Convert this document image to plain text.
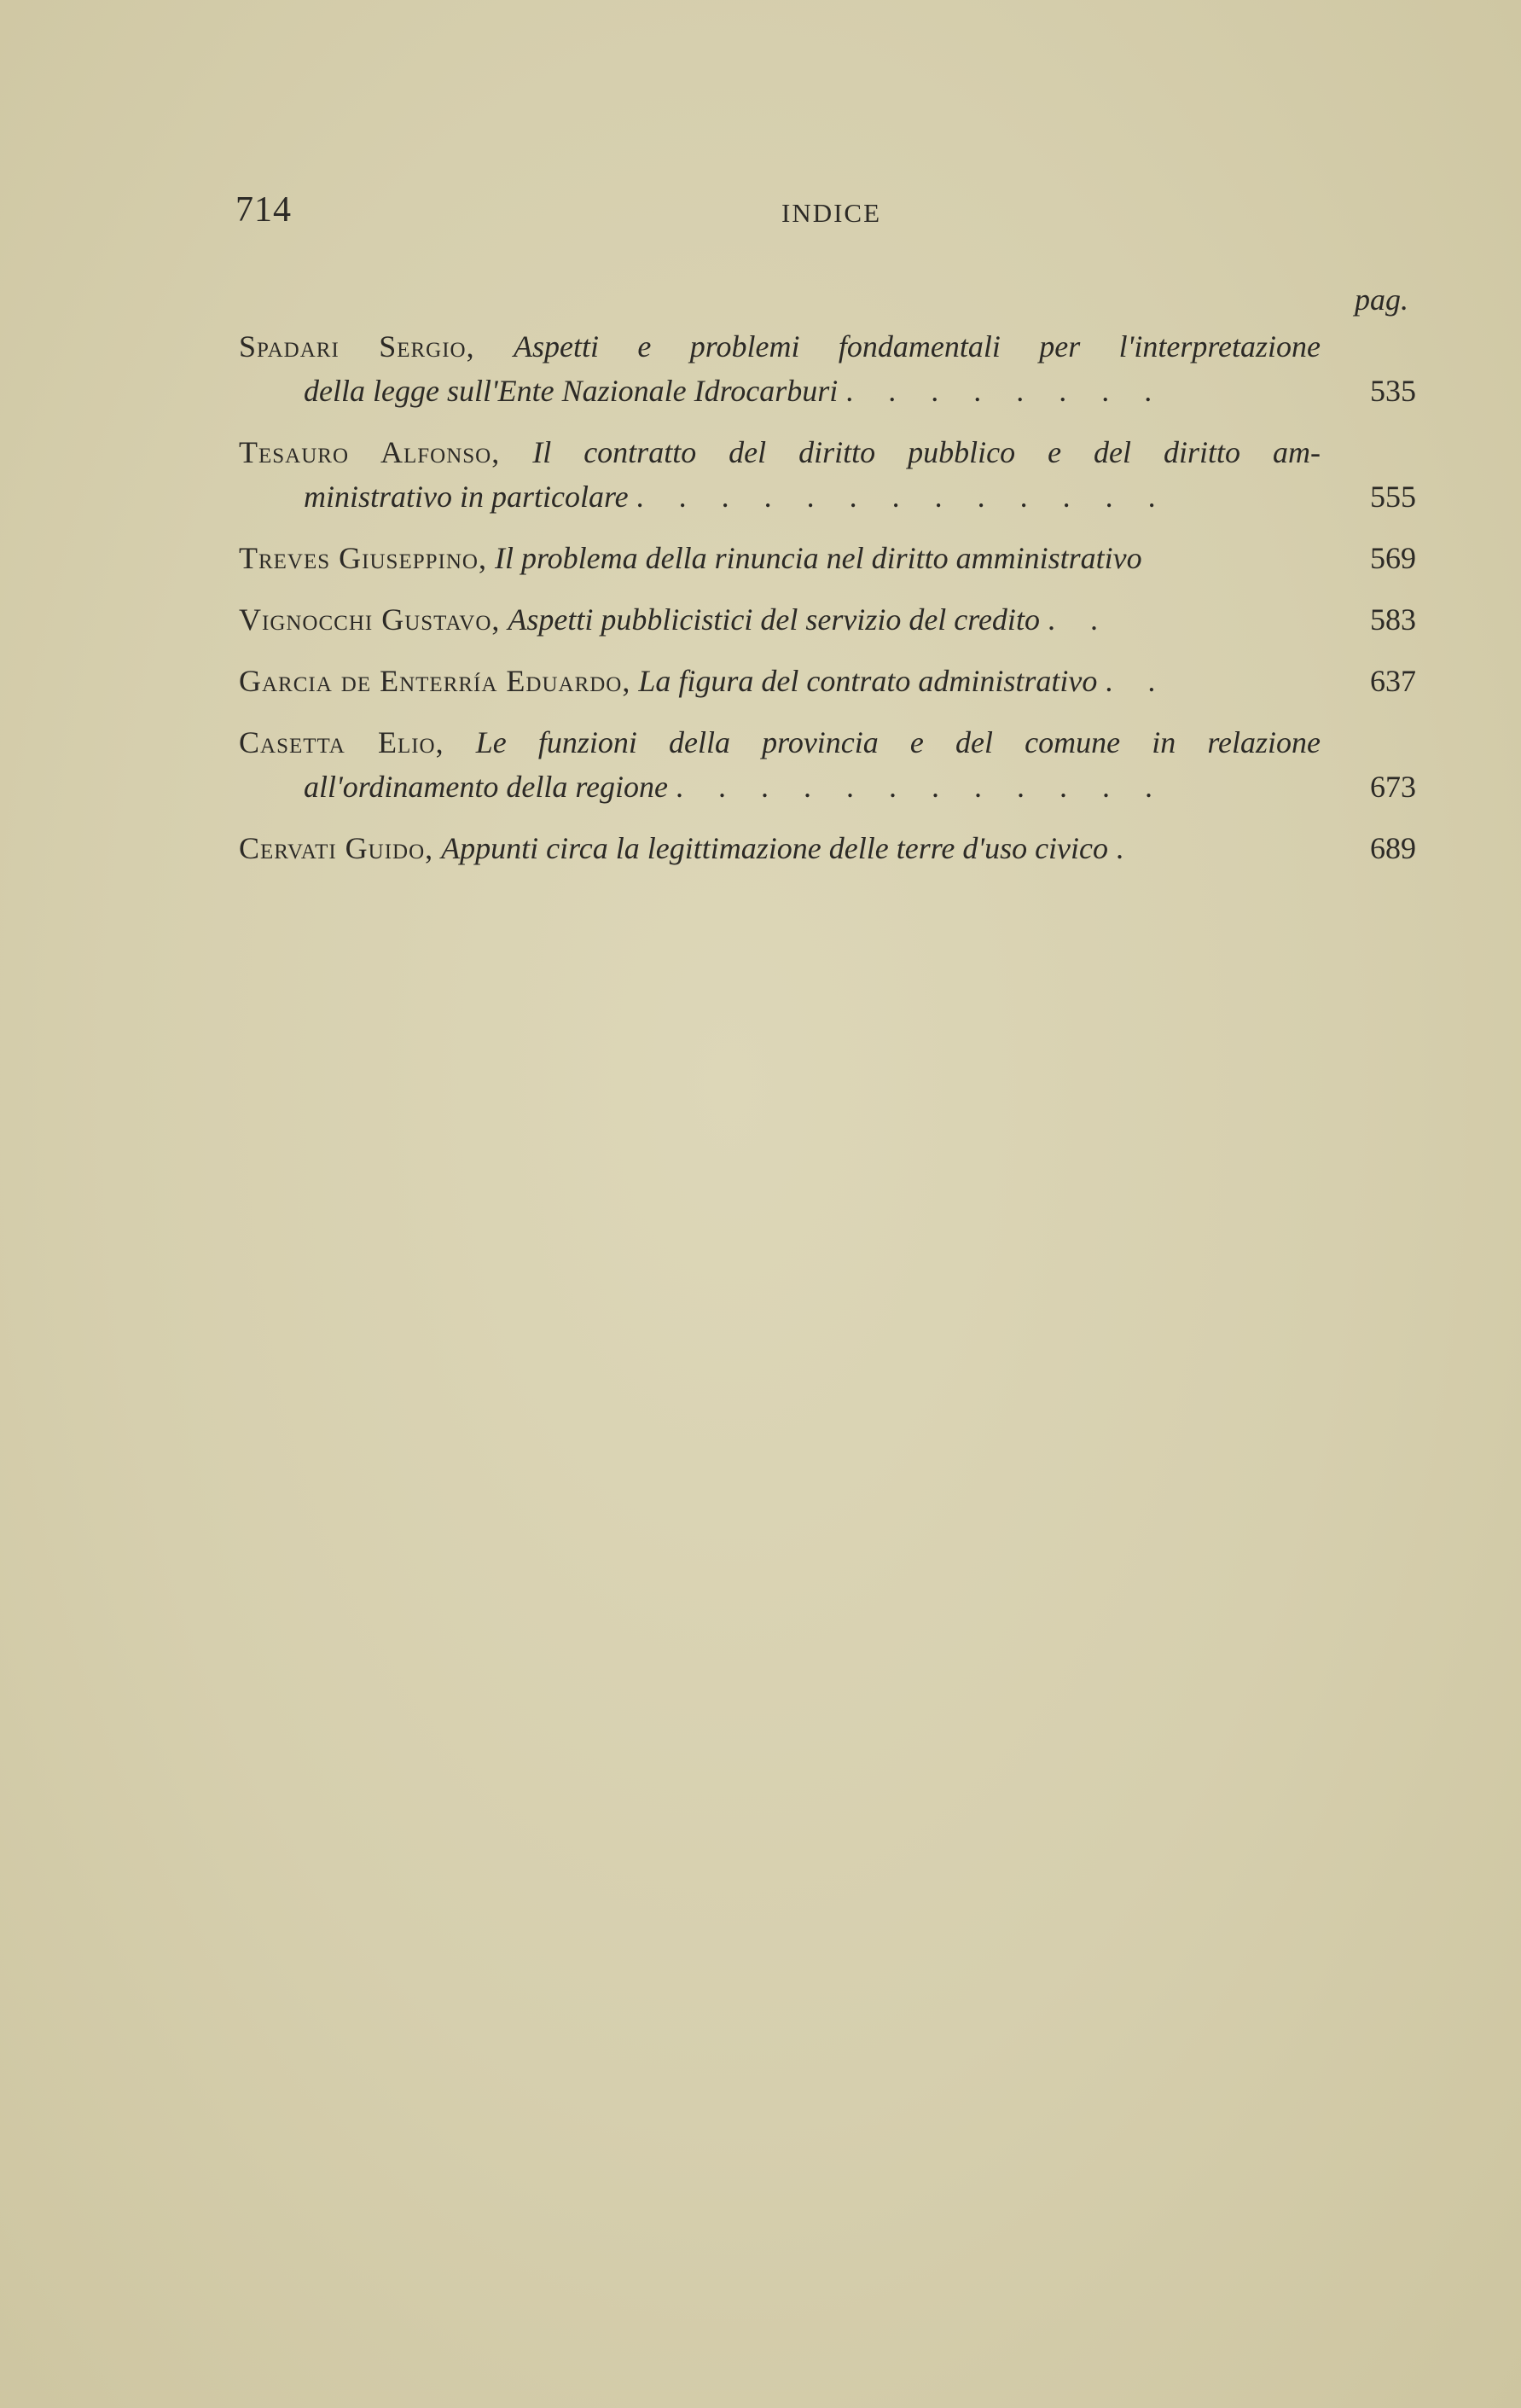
714	INDICE
pag.
Spadari Sergio, Aspetti e problemi fondamentali per l'interpretazione
della legge sull'Ente Nazionale Idrocarburi . . . . . . . .	535
Tesauro Alfonso, Il contratto del diritto pubblico e del diritto am-
ministrativo in particolare . . . . . . . . . . . . .	555
Treves Giuseppino, Il problema della rinuncia nel diritto amministrativo	569
Vignocchi Gustavo, Aspetti pubblicistici del servizio del credito . .	583
Garcia de Enterría Eduardo, La figura del contrato administrativo . .	637
Casetta Elio, Le funzioni della provincia e del comune in relazione
all'ordinamento della regione . . . . . . . . . . . .	673
Cervati Guido, Appunti circa la legittimazione delle terre d'uso civico .	689
